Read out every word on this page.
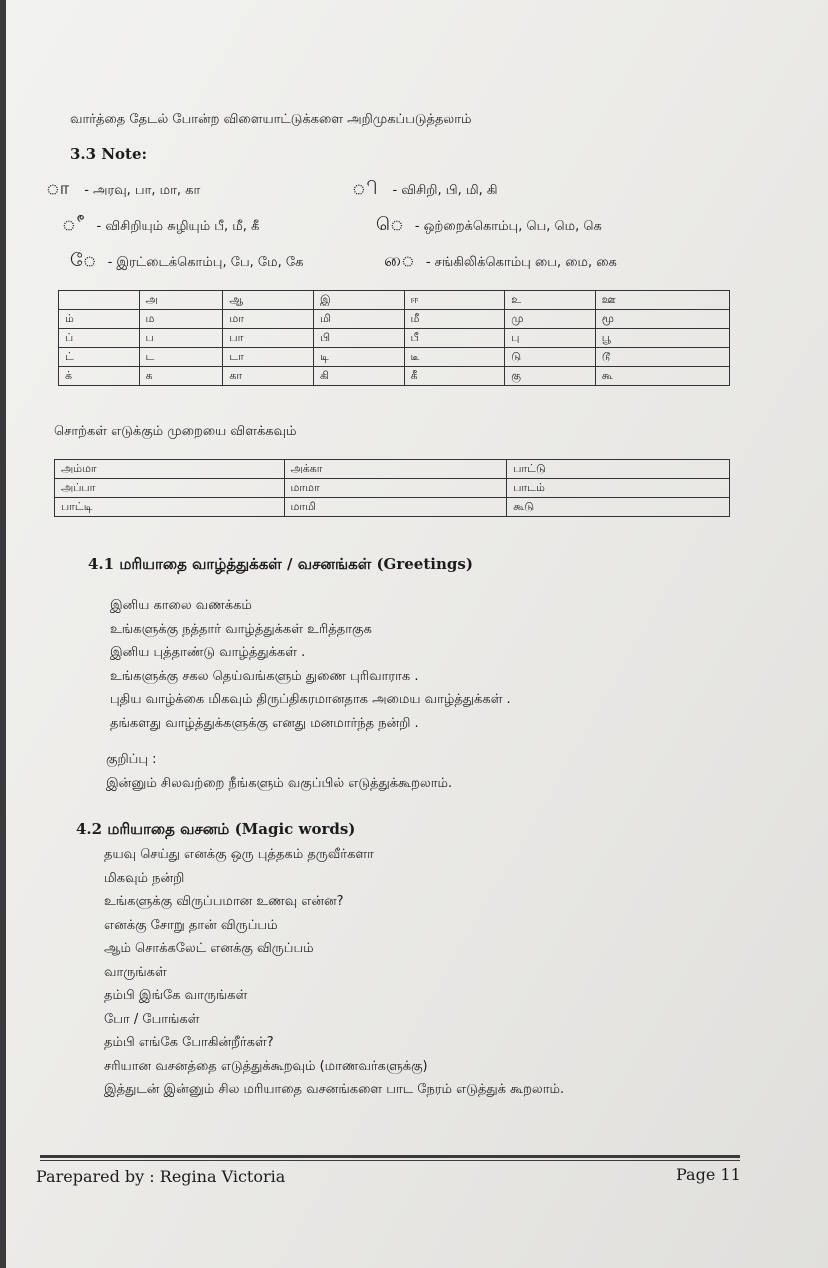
வார்த்தை தேடல் போன்ற விளையாட்டுக்களை அறிமுகப்படுத்தலாம்
3.3 Note:
ா - அரவு, பா, மா, கா	ி - விசிறி, பி, மி, கி
ீ - விசிறியும் சுழியும் பீ, மீ, கீ	ெ - ஒற்றைக்கொம்பு, பெ, மெ, கெ
ே - இரட்டைக்கொம்பு, பே, மே, கே	ை - சங்கிலிக்கொம்பு பை, மை, கை
	அ	ஆ	இ	ஈ	உ	ஊ
ம்	ம	மா	மி	மீ	மு	மூ
ப்	ப	பா	பி	பீ	பு	பூ
ட்	ட	டா	டி	டீ	டு	டூ
க்	க	கா	கி	கீ	கு	கூ
சொற்கள் எடுக்கும் முறையை விளக்கவும்
அம்மா	அக்கா	பாட்டு
அப்பா	மாமா	பாடம்
பாட்டி	மாமி	கூடு
4.1 மரியாதை வாழ்த்துக்கள் / வசனங்கள் (Greetings)
இனிய காலை வணக்கம்
உங்களுக்கு நத்தார் வாழ்த்துக்கள் உரித்தாகுக
இனிய புத்தாண்டு வாழ்த்துக்கள் .
உங்களுக்கு சகல தெய்வங்களும் துணை புரிவாராக .
புதிய வாழ்க்கை மிகவும் திருப்திகரமானதாக அமைய வாழ்த்துக்கள் .
தங்களது வாழ்த்துக்களுக்கு எனது மனமார்ந்த நன்றி .
குறிப்பு :
இன்னும் சிலவற்றை நீங்களும் வகுப்பில் எடுத்துக்கூறலாம்.
4.2 மரியாதை வசனம் (Magic words)
தயவு செய்து எனக்கு ஒரு புத்தகம் தருவீர்களா
மிகவும் நன்றி
உங்களுக்கு விருப்பமான உணவு என்ன?
எனக்கு சோறு தான் விருப்பம்
ஆம் சொக்கலேட் எனக்கு விருப்பம்
வாருங்கள்
தம்பி இங்கே வாருங்கள்
போ / போங்கள்
தம்பி எங்கே போகின்றீர்கள்?
சரியான வசனத்தை எடுத்துக்கூறவும் (மாணவர்களுக்கு)
இத்துடன் இன்னும் சில மரியாதை வசனங்களை பாட நேரம் எடுத்துக் கூறலாம்.
Parepared by : Regina Victoria	Page 11
